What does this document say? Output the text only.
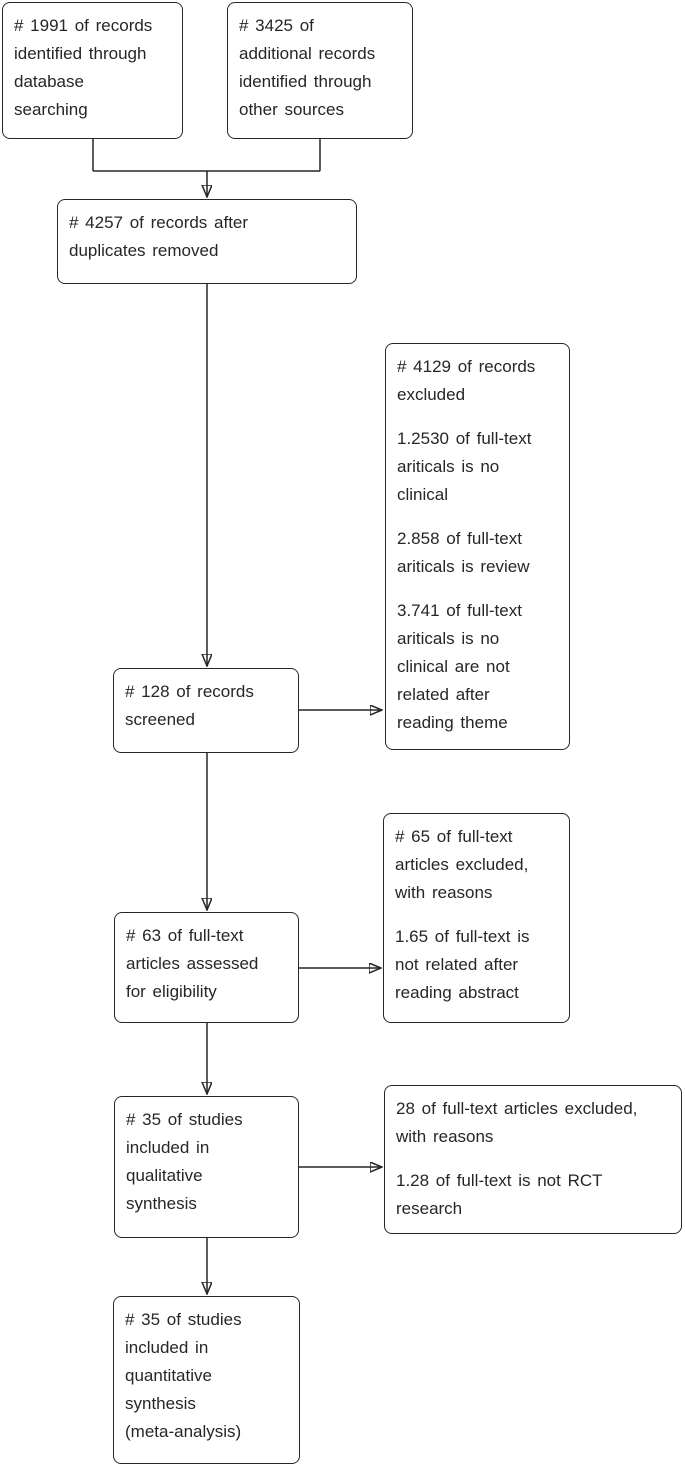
# 1991 of records
identified through
database
searching

# 3425 of
additional records
identified through
other sources

# 4257 of records after
duplicates removed

# 4129 of records
excluded

1.2530 of full-text
ariticals is no
clinical

2.858 of full-text
ariticals is review

3.741 of full-text
ariticals is no
clinical are not
related after
reading theme

# 128 of records
screened

# 65 of full-text
articles excluded,
with reasons

1.65 of full-text is
not related after
reading abstract

# 63 of full-text
articles assessed
for eligibility

# 35 of studies
included in
qualitative
synthesis

28 of full-text articles excluded,
with reasons

1.28 of full-text is not RCT
research

# 35 of studies
included in
quantitative
synthesis
(meta-analysis)
